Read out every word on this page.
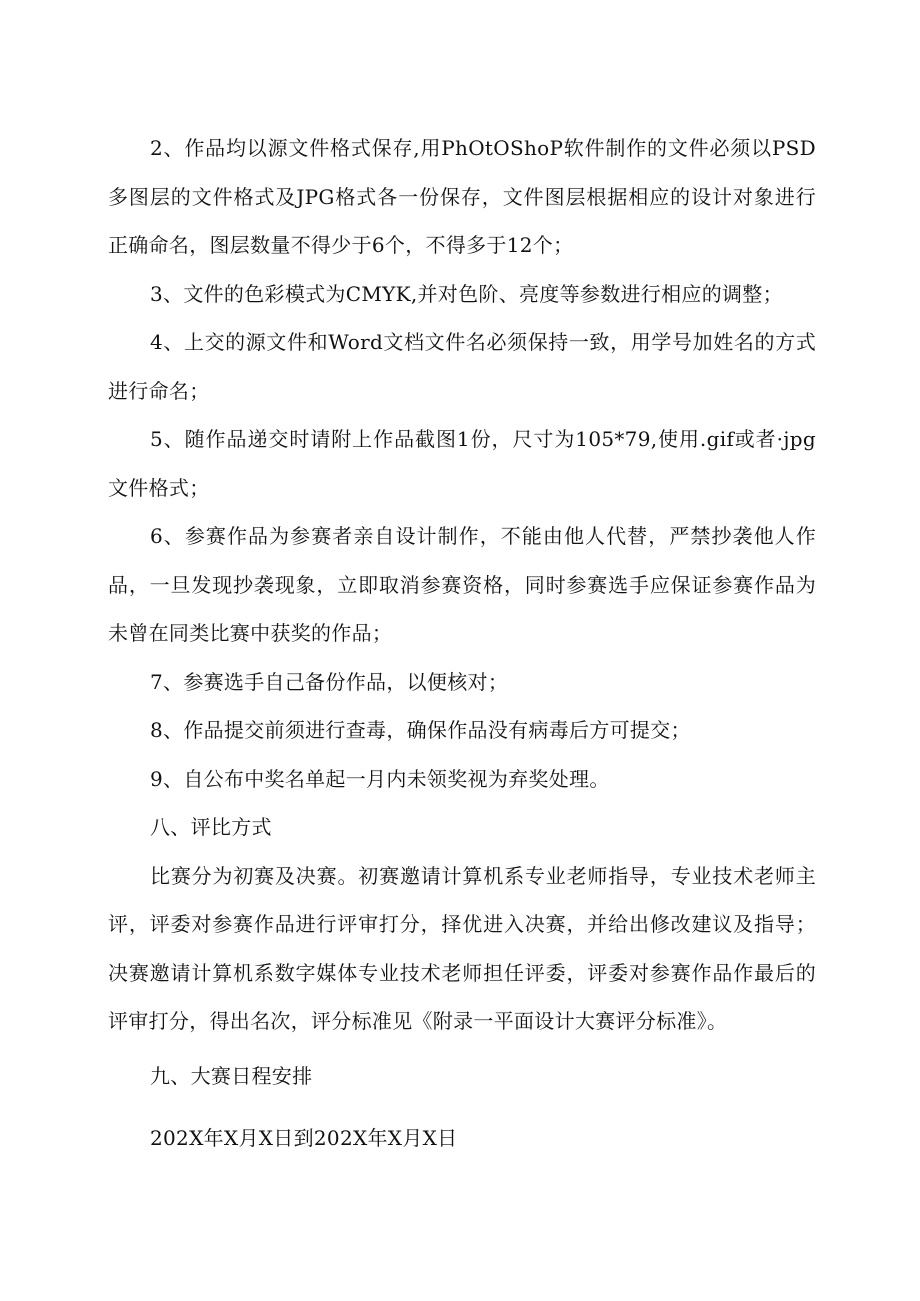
2、作品均以源文件格式保存,用PhOtOShoP软件制作的文件必须以PSD多图层的文件格式及JPG格式各一份保存，文件图层根据相应的设计对象进行正确命名，图层数量不得少于6个，不得多于12个；

3、文件的色彩模式为CMYK,并对色阶、亮度等参数进行相应的调整；

4、上交的源文件和Word文档文件名必须保持一致，用学号加姓名的方式进行命名；

5、随作品递交时请附上作品截图1份，尺寸为105*79,使用.gif或者·jpg文件格式；

6、参赛作品为参赛者亲自设计制作，不能由他人代替，严禁抄袭他人作品，一旦发现抄袭现象，立即取消参赛资格，同时参赛选手应保证参赛作品为未曾在同类比赛中获奖的作品；

7、参赛选手自己备份作品，以便核对；

8、作品提交前须进行查毒，确保作品没有病毒后方可提交；

9、自公布中奖名单起一月内未领奖视为弃奖处理。

八、评比方式

比赛分为初赛及决赛。初赛邀请计算机系专业老师指导，专业技术老师主评，评委对参赛作品进行评审打分，择优进入决赛，并给出修改建议及指导；决赛邀请计算机系数字媒体专业技术老师担任评委，评委对参赛作品作最后的评审打分，得出名次，评分标准见《附录一平面设计大赛评分标准》。

九、大赛日程安排

202X年X月X日到202X年X月X日
